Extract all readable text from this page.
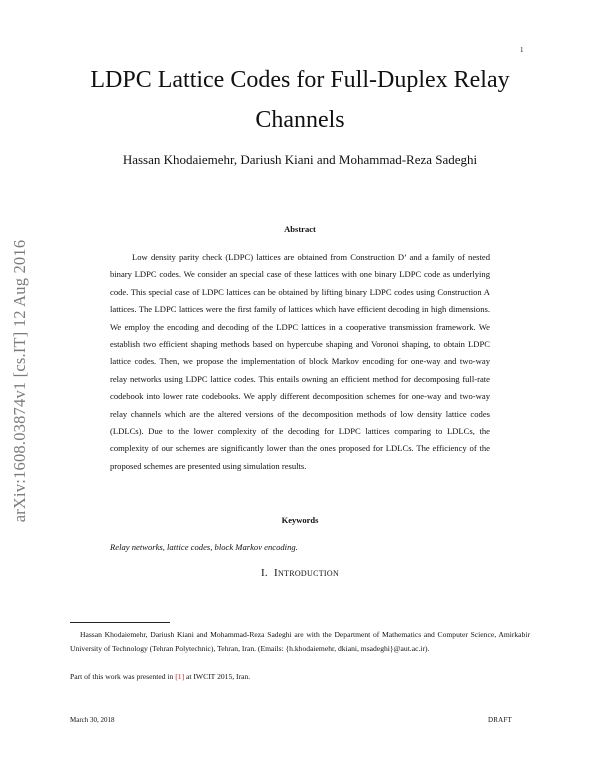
1
arXiv:1608.03874v1 [cs.IT] 12 Aug 2016
LDPC Lattice Codes for Full-Duplex Relay
Channels
Hassan Khodaiemehr, Dariush Kiani and Mohammad-Reza Sadeghi
Abstract

Low density parity check (LDPC) lattices are obtained from Construction D’ and a family of nested binary LDPC codes. We consider an special case of these lattices with one binary LDPC code as underlying code. This special case of LDPC lattices can be obtained by lifting binary LDPC codes using Construction A lattices. The LDPC lattices were the first family of lattices which have efficient decoding in high dimensions. We employ the encoding and decoding of the LDPC lattices in a cooperative transmission framework. We establish two efficient shaping methods based on hypercube shaping and Voronoi shaping, to obtain LDPC lattice codes. Then, we propose the implementation of block Markov encoding for one-way and two-way relay networks using LDPC lattice codes. This entails owning an efficient method for decomposing full-rate codebook into lower rate codebooks. We apply different decomposition schemes for one-way and two-way relay channels which are the altered versions of the decomposition methods of low density lattice codes (LDLCs). Due to the lower complexity of the decoding for LDPC lattices comparing to LDLCs, the complexity of our schemes are significantly lower than the ones proposed for LDLCs. The efficiency of the proposed schemes are presented using simulation results.

Keywords
Relay networks, lattice codes, block Markov encoding.
I. Introduction

Hassan Khodaiemehr, Dariush Kiani and Mohammad-Reza Sadeghi are with the Department of Mathematics and Computer Science, Amirkabir University of Technology (Tehran Polytechnic), Tehran, Iran. (Emails: {h.khodaiemehr, dkiani, msadeghi}@aut.ac.ir).

Part of this work was presented in [1] at IWCIT 2015, Iran.

March 30, 2018	DRAFT
